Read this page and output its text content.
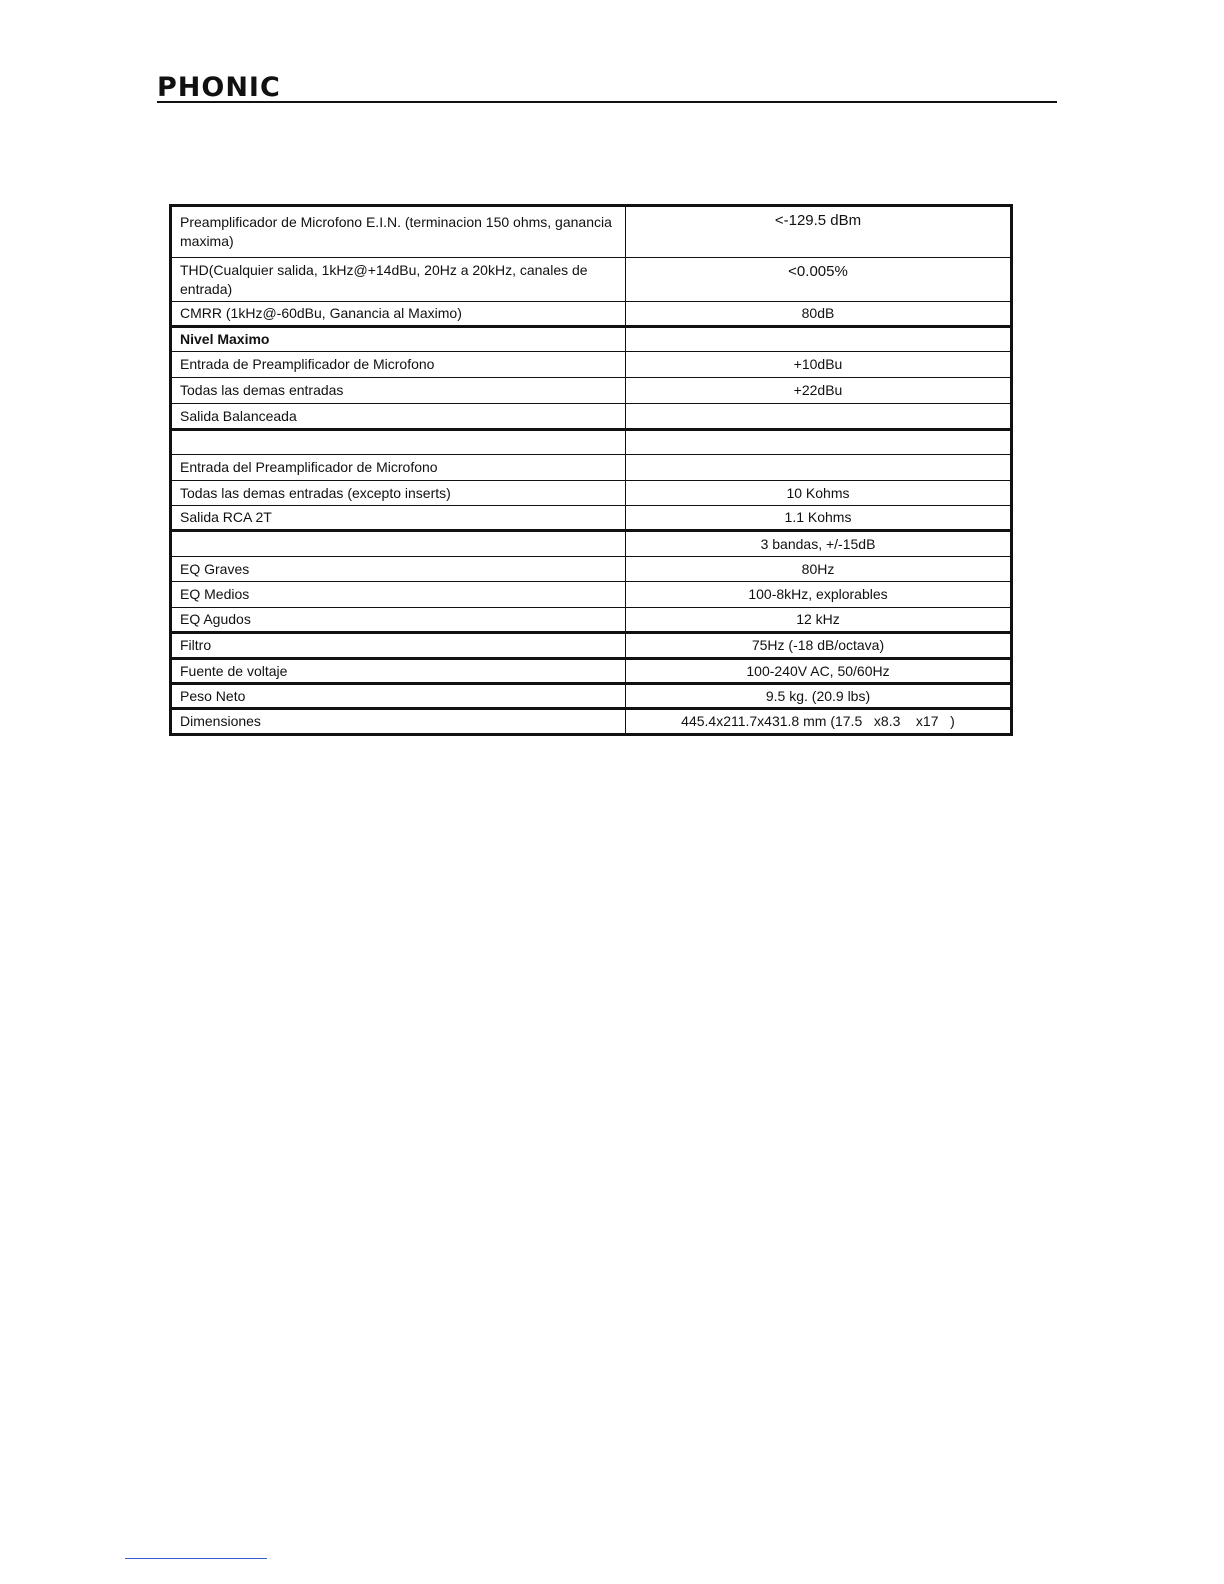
PHONIC
Preamplificador de Microfono E.I.N. (terminacion 150 ohms, ganancia maxima)	<-129.5 dBm
THD(Cualquier salida, 1kHz@+14dBu, 20Hz a 20kHz, canales de entrada)	<0.005%
CMRR (1kHz@-60dBu, Ganancia al Maximo)	80dB
Nivel Maximo	
Entrada de Preamplificador de Microfono	+10dBu
Todas las demas entradas	+22dBu
Salida Balanceada	

Entrada del Preamplificador de Microfono	
Todas las demas entradas (excepto inserts)	10 Kohms
Salida RCA 2T	1.1 Kohms
	3 bandas, +/-15dB
EQ Graves	80Hz
EQ Medios	100-8kHz, explorables
EQ Agudos	12 kHz
Filtro	75Hz (-18 dB/octava)
Fuente de voltaje	100-240V AC, 50/60Hz
Peso Neto	9.5 kg. (20.9 lbs)
Dimensiones	445.4x211.7x431.8 mm (17.5   x8.3    x17   )
